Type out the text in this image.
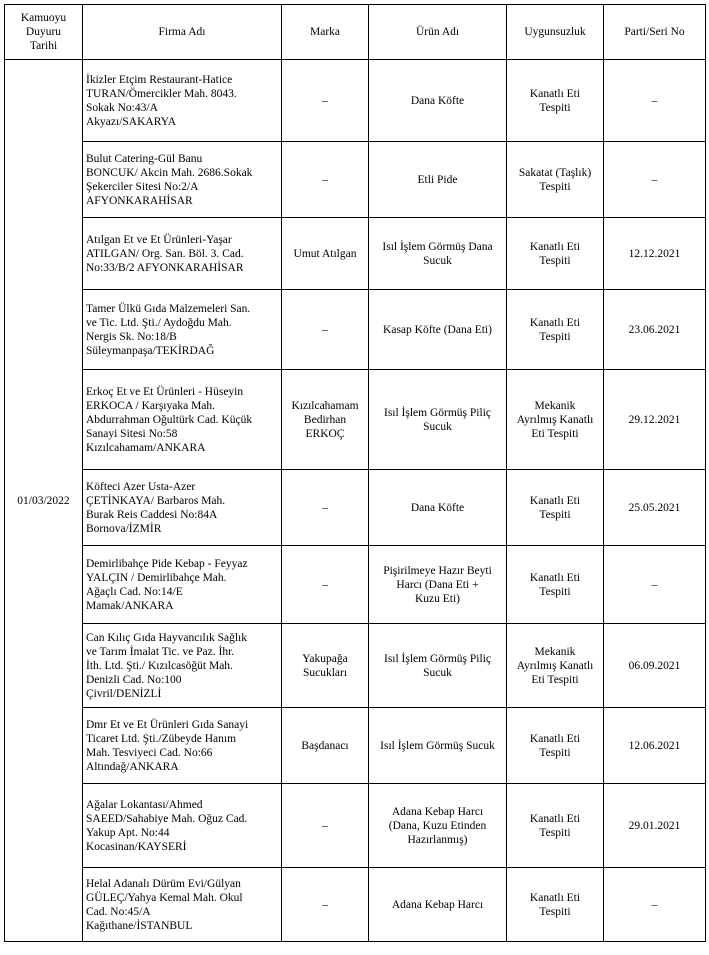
Kamuoyu
Duyuru
Tarihi	Firma Adı	Marka	Ürün Adı	Uygunsuzluk	Parti/Seri No
01/03/2022	İkizler Etçim Restaurant-Hatice
TURAN/Ömercikler Mah. 8043.
Sokak No:43/A
Akyazı/SAKARYA	–	Dana Köfte	Kanatlı Eti
Tespiti	–

	Bulut Catering-Gül Banu
BONCUK/ Akcin Mah. 2686.Sokak
Şekerciler Sitesi No:2/A
AFYONKARAHİSAR	–	Etli Pide	Sakatat (Taşlık)
Tespiti	–

	Atılgan Et ve Et Ürünleri-Yaşar
ATILGAN/ Org. San. Böl. 3. Cad.
No:33/B/2 AFYONKARAHİSAR	Umut Atılgan	Isıl İşlem Görmüş Dana
Sucuk	Kanatlı Eti
Tespiti	12.12.2021

	Tamer Ülkü Gıda Malzemeleri San.
ve Tic. Ltd. Şti./ Aydoğdu Mah.
Nergis Sk. No:18/B
Süleymanpaşa/TEKİRDAĞ	–	Kasap Köfte (Dana Eti)	Kanatlı Eti
Tespiti	23.06.2021

	Erkoç Et ve Et Ürünleri - Hüseyin
ERKOCA / Karşıyaka Mah.
Abdurrahman Oğultürk Cad. Küçük
Sanayi Sitesi No:58
Kızılcahamam/ANKARA	Kızılcahamam
Bedirhan
ERKOÇ	Isıl İşlem Görmüş Piliç
Sucuk	Mekanik
Ayrılmış Kanatlı
Eti Tespiti	29.12.2021

	Köfteci Azer Usta-Azer
ÇETİNKAYA/ Barbaros Mah.
Burak Reis Caddesi No:84A
Bornova/İZMİR	–	Dana Köfte	Kanatlı Eti
Tespiti	25.05.2021

	Demirlibahçe Pide Kebap - Feyyaz
YALÇIN / Demirlibahçe Mah.
Ağaçlı Cad. No:14/E
Mamak/ANKARA	–	Pişirilmeye Hazır Beyti
Harcı (Dana Eti +
Kuzu Eti)	Kanatlı Eti
Tespiti	–

	Can Kılıç Gıda Hayvancılık Sağlık
ve Tarım İmalat Tic. ve Paz. İhr.
İth. Ltd. Şti./ Kızılcasöğüt Mah.
Denizli Cad. No:100
Çivril/DENİZLİ	Yakupağa
Sucukları	Isıl İşlem Görmüş Piliç
Sucuk	Mekanik
Ayrılmış Kanatlı
Eti Tespiti	06.09.2021

	Dmr Et ve Et Ürünleri Gıda Sanayi
Ticaret Ltd. Şti./Zübeyde Hanım
Mah. Tesviyeci Cad. No:66
Altındağ/ANKARA	Başdanacı	Isıl İşlem Görmüş Sucuk	Kanatlı Eti
Tespiti	12.06.2021

	Ağalar Lokantası/Ahmed
SAEED/Sahabiye Mah. Oğuz Cad.
Yakup Apt. No:44
Kocasinan/KAYSERİ	–	Adana Kebap Harcı
(Dana, Kuzu Etinden
Hazırlanmış)	Kanatlı Eti
Tespiti	29.01.2021

	Helal Adanalı Dürüm Evi/Gülyan
GÜLEÇ/Yahya Kemal Mah. Okul
Cad. No:45/A
Kağıthane/İSTANBUL	–	Adana Kebap Harcı	Kanatlı Eti
Tespiti	–
